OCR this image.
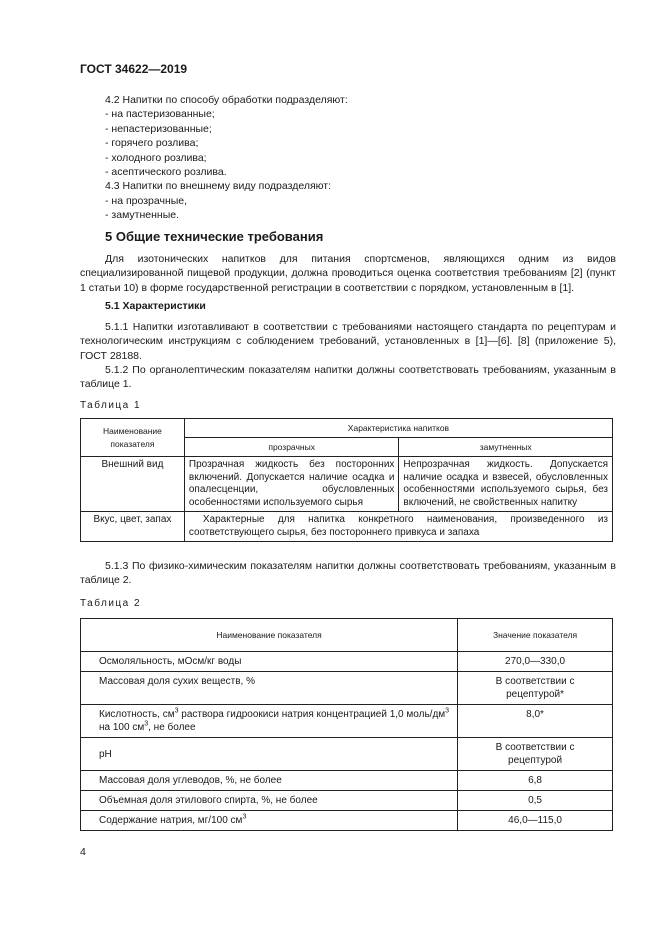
ГОСТ 34622—2019
4.2 Напитки по способу обработки подразделяют:
- на пастеризованные;
- непастеризованные;
- горячего розлива;
- холодного розлива;
- асептического розлива.
4.3 Напитки по внешнему виду подразделяют:
- на прозрачные,
- замутненные.
5 Общие технические требования
Для изотонических напитков для питания спортсменов, являющихся одним из видов специализированной пищевой продукции, должна проводиться оценка соответствия требованиям [2] (пункт 1 статьи 10) в форме государственной регистрации в соответствии с порядком, установленным в [1].
5.1 Характеристики
5.1.1 Напитки изготавливают в соответствии с требованиями настоящего стандарта по рецептурам и технологическим инструкциям с соблюдением требований, установленных в [1]—[6]. [8] (приложение 5), ГОСТ 28188.
5.1.2 По органолептическим показателям напитки должны соответствовать требованиям, указанным в таблице 1.
Таблица 1
Наименование показателя	Характеристика напитков	
	прозрачных	замутненных
Внешний вид	Прозрачная жидкость без посторонних включений. Допускается наличие осадка и опалесценции, обусловленных особенностями используемого сырья	Непрозрачная жидкость. Допускается наличие осадка и взвесей, обусловленных особенностями используемого сырья, без включений, не свойственных напитку
Вкус, цвет, запах	Характерные для напитка конкретного наименования, произведенного из соответствующего сырья, без постороннего привкуса и запаха	
5.1.3 По физико-химическим показателям напитки должны соответствовать требованиям, указанным в таблице 2.
Таблица 2
Наименование показателя	Значение показателя
Осмоляльность, мОсм/кг воды	270,0—330,0
Массовая доля сухих веществ, %	В соответствии с рецептурой*
Кислотность, $см^3$ раствора гидроокиси натрия концентрацией 1,0 моль/$дм^3$ на 100 $см^3$, не более	8,0*
pH	В соответствии с рецептурой
Массовая доля углеводов, %, не более	6,8
Объемная доля этилового спирта, %, не более	0,5
Содержание натрия, мг/100 $см^3$	46,0—115,0
4
